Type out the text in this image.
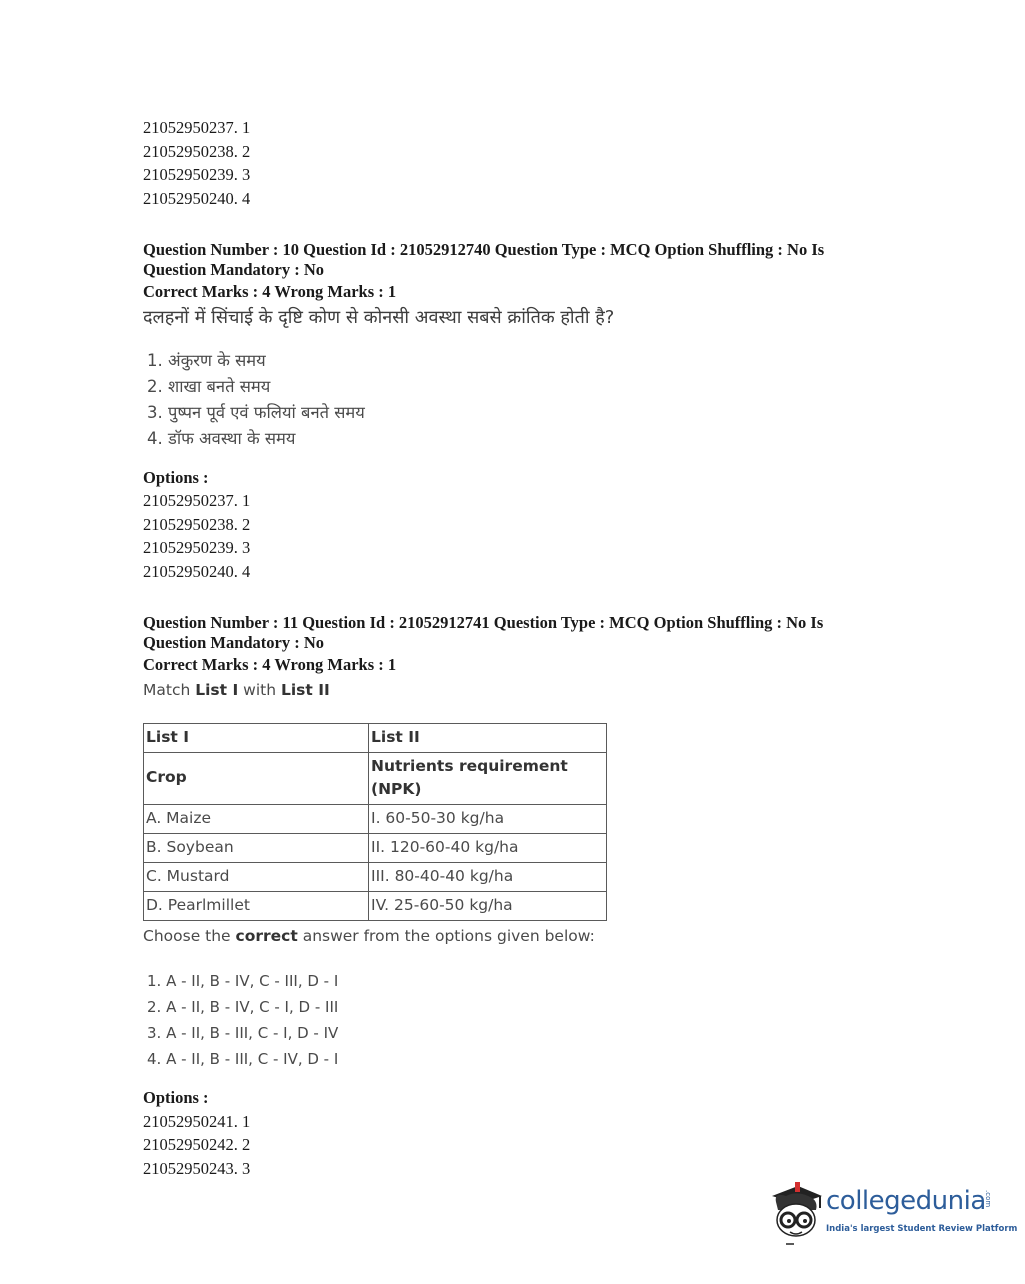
21052950237. 1
21052950238. 2
21052950239. 3
21052950240. 4
Question Number : 10 Question Id : 21052912740 Question Type : MCQ Option Shuffling : No Is Question Mandatory : No
Correct Marks : 4 Wrong Marks : 1
दलहनों में सिंचाई के दृष्टि कोण से कोनसी अवस्था सबसे क्रांतिक होती है?
1. अंकुरण के समय
2. शाखा बनते समय
3. पुष्पन पूर्व एवं फलियां बनते समय
4. डॉफ अवस्था के समय
Options :
21052950237. 1
21052950238. 2
21052950239. 3
21052950240. 4
Question Number : 11 Question Id : 21052912741 Question Type : MCQ Option Shuffling : No Is Question Mandatory : No
Correct Marks : 4 Wrong Marks : 1
Match List I with List II
List I	List II
Crop	Nutrients requirement (NPK)
A. Maize	I. 60-50-30 kg/ha
B. Soybean	II. 120-60-40 kg/ha
C. Mustard	III. 80-40-40 kg/ha
D. Pearlmillet	IV. 25-60-50 kg/ha
Choose the correct answer from the options given below:
1. A - II, B - IV, C - III, D - I
2. A - II, B - IV, C - I, D - III
3. A - II, B - III, C - I, D - IV
4. A - II, B - III, C - IV, D - I
Options :
21052950241. 1
21052950242. 2
21052950243. 3
collegedunia
.com
India's largest Student Review Platform
